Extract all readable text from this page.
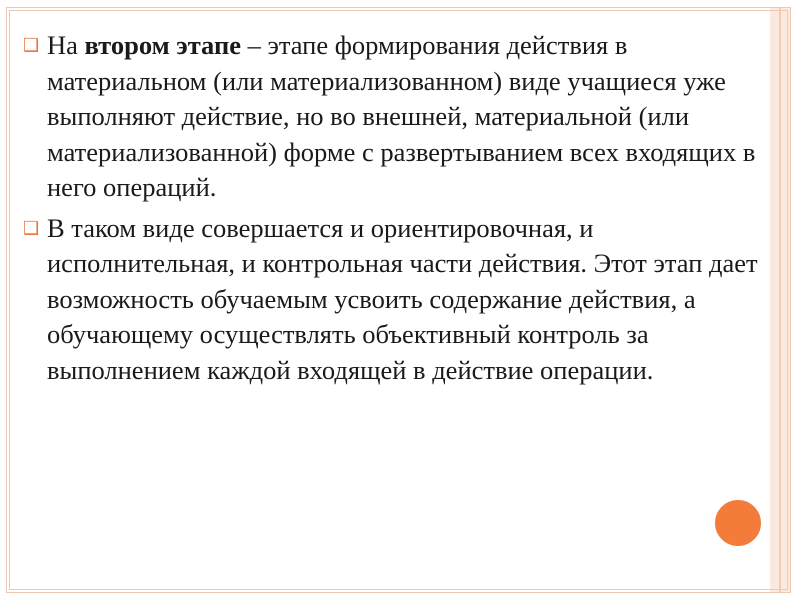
❑ На втором этапе – этапе формирования действия в материальном (или материализованном) виде учащиеся уже выполняют действие, но во внешней, материальной (или материализованной) форме с развертыванием всех входящих в него операций.

❑ В таком виде совершается и ориентировочная, и исполнительная, и контрольная части действия. Этот этап дает возможность обучаемым усвоить содержание действия, а обучающему осуществлять объективный контроль за выполнением каждой входящей в действие операции.
